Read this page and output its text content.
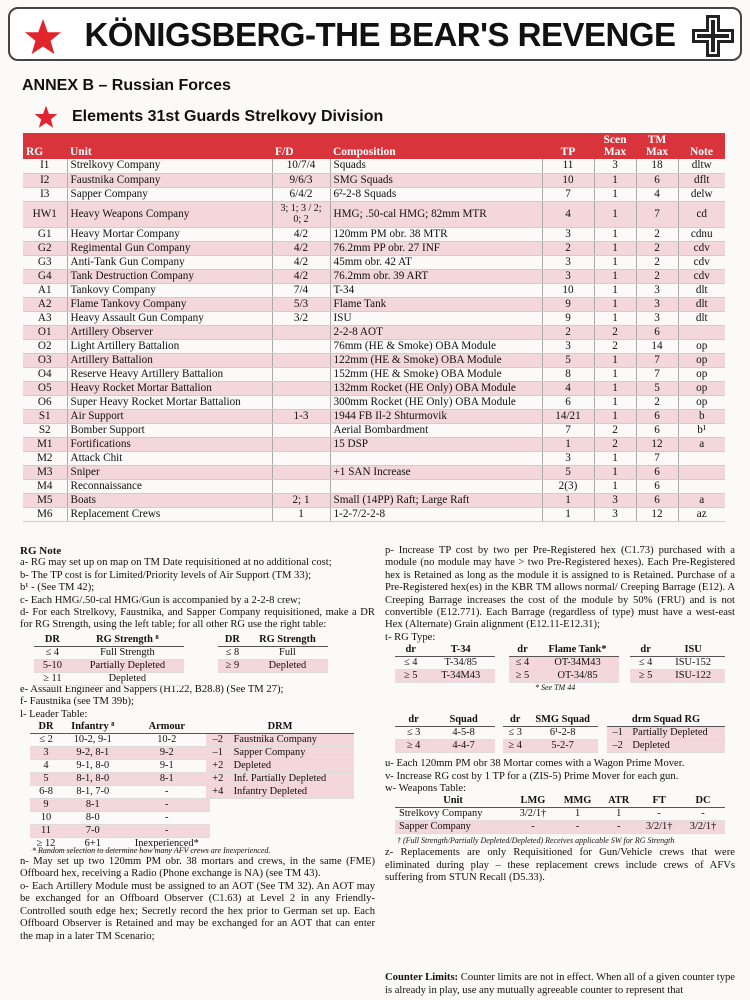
KÖNIGSBERG-THE BEAR'S REVENGE
ANNEX B – Russian Forces
Elements 31st Guards Strelkovy Division
RG	Unit	F/D	Composition	TP	Scen Max	TM Max	Note
I1	Strelkovy Company	10/7/4	Squads	11	3	18	dltw
I2	Faustnika Company	9/6/3	SMG Squads	10	1	6	dflt
I3	Sapper Company	6/4/2	6²-2-8 Squads	7	1	4	delw
HW1	Heavy Weapons Company	3; 1; 3 / 2; 0; 2	HMG; .50-cal HMG; 82mm MTR	4	1	7	cd
G1	Heavy Mortar Company	4/2	120mm PM obr. 38 MTR	3	1	2	cdnu
G2	Regimental Gun Company	4/2	76.2mm PP obr. 27 INF	2	1	2	cdv
G3	Anti-Tank Gun Company	4/2	45mm obr. 42 AT	3	1	2	cdv
G4	Tank Destruction Company	4/2	76.2mm obr. 39 ART	3	1	2	cdv
A1	Tankovy Company	7/4	T-34	10	1	3	dlt
A2	Flame Tankovy Company	5/3	Flame Tank	9	1	3	dlt
A3	Heavy Assault Gun Company	3/2	ISU	9	1	3	dlt
O1	Artillery Observer		2-2-8 AOT	2	2	6	
O2	Light Artillery Battalion		76mm (HE & Smoke) OBA Module	3	2	14	op
O3	Artillery Battalion		122mm (HE & Smoke) OBA Module	5	1	7	op
O4	Reserve Heavy Artillery Battalion		152mm (HE & Smoke) OBA Module	8	1	7	op
O5	Heavy Rocket Mortar Battalion		132mm Rocket (HE Only) OBA Module	4	1	5	op
O6	Super Heavy Rocket Mortar Battalion		300mm Rocket (HE Only) OBA Module	6	1	2	op
S1	Air Support	1-3	1944 FB Il-2 Shturmovik	14/21	1	6	b
S2	Bomber Support		Aerial Bombardment	7	2	6	b¹
M1	Fortifications		15 DSP	1	2	12	a
M2	Attack Chit			3	1	7	
M3	Sniper		+1 SAN Increase	5	1	6	
M4	Reconnaissance			2(3)	1	6	
M5	Boats	2; 1	Small (14PP) Raft; Large Raft	1	3	6	a
M6	Replacement Crews	1	1-2-7/2-2-8	1	3	12	az
RG Note

a- RG may set up on map on TM Date requisitioned at no additional cost;

b- The TP cost is for Limited/Priority levels of Air Support (TM 33);

b¹ - (See TM 42);

c- Each HMG/.50-cal HMG/Gun is accompanied by a 2-2-8 crew;

d- For each Strelkovy, Faustnika, and Sapper Company requisitioned, make a DR for RG Strength, using the left table; for all other RG use the right table:

DR	RG Strength ⁸
≤ 4	Full Strength
5-10	Partially Depleted
≥ 11	Depleted
DR	RG Strength
≤ 8	Full
≥ 9	Depleted

e- Assault Engineer and Sappers (H1.22, B28.8) (See TM 27);

f- Faustnika (see TM 39b);

l- Leader Table:

DR	Infantry ⁸	Armour
≤ 2	10-2, 9-1	10-2
3	9-2, 8-1	9-2
4	9-1, 8-0	9-1
5	8-1, 8-0	8-1
6-8	8-1, 7-0	-
9	8-1	-
10	8-0	-
11	7-0	-
≥ 12	6+1	Inexperienced*
DRM	
–2	Faustnika Company
–1	Sapper Company
+2	Depleted
+2	Inf. Partially Depleted
+4	Infantry Depleted
* Random selection to determine how many AFV crews are Inexperienced.

n- May set up two 120mm PM obr. 38 mortars and crews, in the same (FME) Offboard hex, receiving a Radio (Phone exchange is NA) (see TM 43).

o- Each Artillery Module must be assigned to an AOT (See TM 32). An AOT may be exchanged for an Offboard Observer (C1.63) at Level 2 in any Friendly-Controlled south edge hex; Secretly record the hex prior to German set up. Each Offboard Observer is Retained and may be exchanged for an AOT that can enter the map in a later TM Scenario;

p- Increase TP cost by two per Pre-Registered hex (C1.73) purchased with a module (no module may have > two Pre-Registered hexes). Each Pre-Registered hex is Retained as long as the module it is assigned to is Retained. Purchase of a Pre-Registered hex(es) in the KBR TM allows normal/ Creeping Barrage (E12). A Creeping Barrage increases the cost of the module by 50% (FRU) and is not convertible (E12.771). Each Barrage (regardless of type) must have a west-east Hex (Alternate) Grain alignment (E12.11-E12.31);

t- RG Type:

dr	T-34
≤ 4	T-34/85
≥ 5	T-34M43
dr	Flame Tank*
≤ 4	OT-34M43
≥ 5	OT-34/85
* See TM 44
dr	ISU
≤ 4	ISU-152
≥ 5	ISU-122
dr	Squad
≤ 3	4-5-8
≥ 4	4-4-7
dr	SMG Squad
≤ 3	6¹-2-8
≥ 4	5-2-7
drm Squad RG	
–1	Partially Depleted
–2	Depleted

u- Each 120mm PM obr 38 Mortar comes with a Wagon Prime Mover.

v- Increase RG cost by 1 TP for a (ZIS-5) Prime Mover for each gun.

w- Weapons Table:

Unit	LMG	MMG	ATR	FT	DC
Strelkovy Company	3/2/1†	1	1	-	-
Sapper Company	-	-	-	3/2/1†	3/2/1†
† (Full Strength/Partially Depleted/Depleted) Receives applicable SW for RG Strength

z- Replacements are only Requisitioned for Gun/Vehicle crews that were eliminated during play – these replacement crews include crews of AFVs suffering from STUN Recall (D5.33).

Counter Limits: Counter limits are not in effect. When all of a given counter type is already in play, use any mutually agreeable counter to represent that
